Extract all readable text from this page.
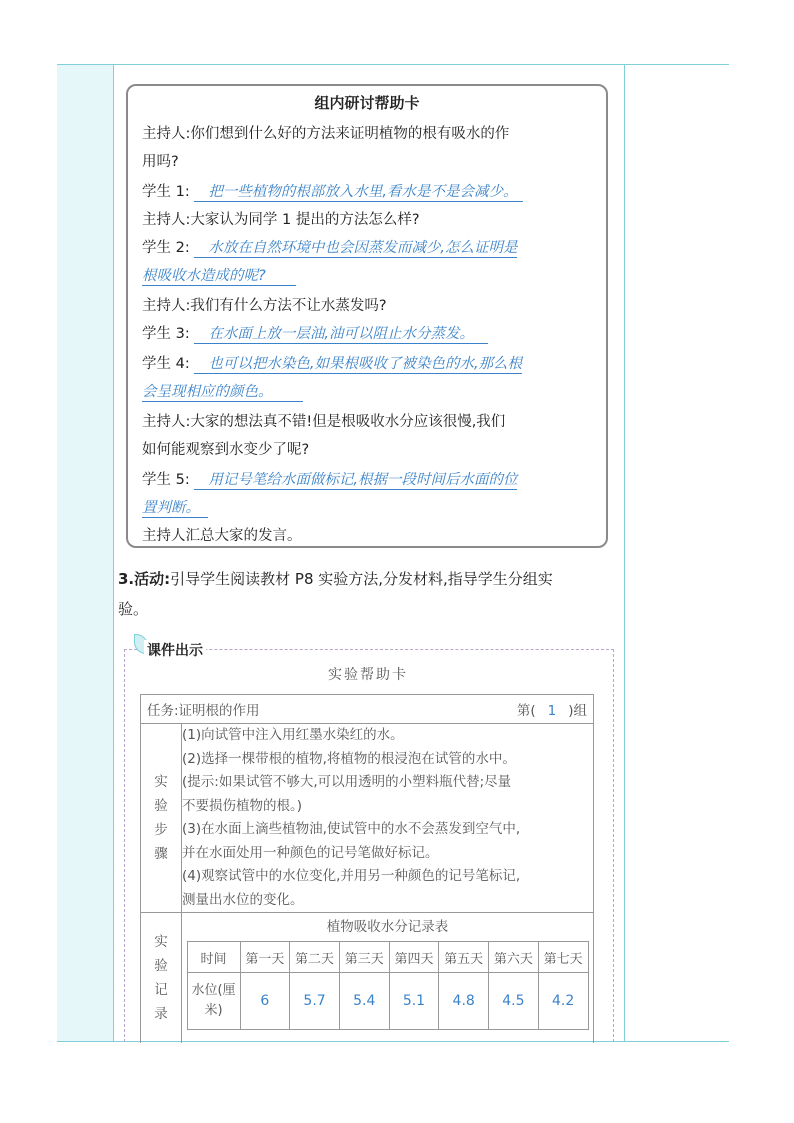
组内研讨帮助卡
主持人:你们想到什么好的方法来证明植物的根有吸水的作
用吗?
学生 1: 把一些植物的根部放入水里,看水是不是会减少。
主持人:大家认为同学 1 提出的方法怎么样?
学生 2: 水放在自然环境中也会因蒸发而减少,怎么证明是
根吸收水造成的呢?
主持人:我们有什么方法不让水蒸发吗?
学生 3: 在水面上放一层油,油可以阻止水分蒸发。
学生 4: 也可以把水染色,如果根吸收了被染色的水,那么根
会呈现相应的颜色。
主持人:大家的想法真不错!但是根吸收水分应该很慢,我们
如何能观察到水变少了呢?
学生 5: 用记号笔给水面做标记,根据一段时间后水面的位
置判断。
主持人汇总大家的发言。
3.活动:引导学生阅读教材 P8 实验方法,分发材料,指导学生分组实
验。
课件出示
实验帮助卡
任务:证明根的作用	第( 1 )组

实验步骤

(1)向试管中注入用红墨水染红的水。
(2)选择一棵带根的植物,将植物的根浸泡在试管的水中。
(提示:如果试管不够大,可以用透明的小塑料瓶代替;尽量
不要损伤植物的根。)
(3)在水面上滴些植物油,使试管中的水不会蒸发到空气中,
并在水面处用一种颜色的记号笔做好标记。
(4)观察试管中的水位变化,并用另一种颜色的记号笔标记,
测量出水位的变化。

实验记录

植物吸收水分记录表
时间	第一天	第二天	第三天	第四天	第五天	第六天	第七天
水位(厘米)	6	5.7	5.4	5.1	4.8	4.5	4.2
